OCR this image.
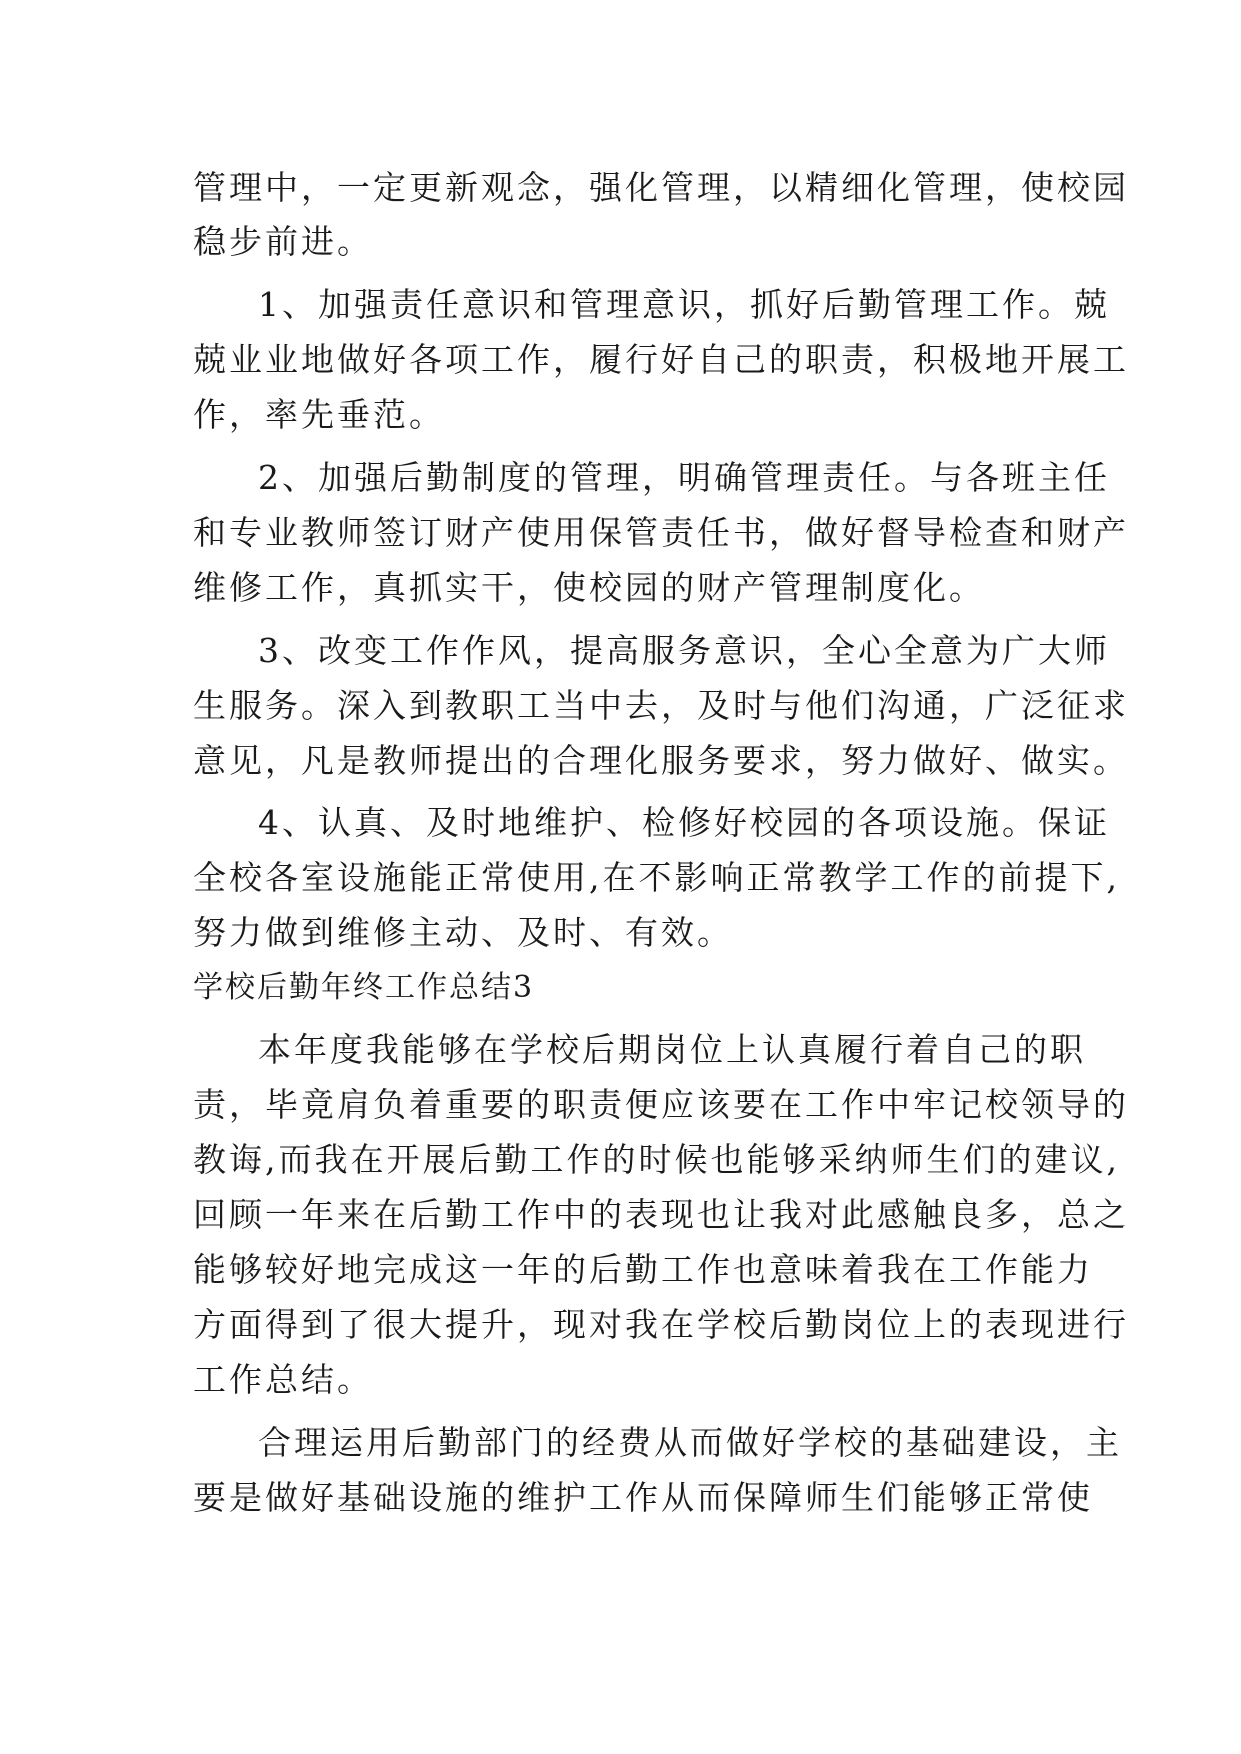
管理中，一定更新观念，强化管理，以精细化管理，使校园
稳步前进。
1、加强责任意识和管理意识，抓好后勤管理工作。兢
兢业业地做好各项工作，履行好自己的职责，积极地开展工
作，率先垂范。
2、加强后勤制度的管理，明确管理责任。与各班主任
和专业教师签订财产使用保管责任书，做好督导检查和财产
维修工作，真抓实干，使校园的财产管理制度化。
3、改变工作作风，提高服务意识，全心全意为广大师
生服务。深入到教职工当中去，及时与他们沟通，广泛征求
意见，凡是教师提出的合理化服务要求，努力做好、做实。
4、认真、及时地维护、检修好校园的各项设施。保证
全校各室设施能正常使用,在不影响正常教学工作的前提下,
努力做到维修主动、及时、有效。
学校后勤年终工作总结3
本年度我能够在学校后期岗位上认真履行着自己的职
责，毕竟肩负着重要的职责便应该要在工作中牢记校领导的
教诲,而我在开展后勤工作的时候也能够采纳师生们的建议,
回顾一年来在后勤工作中的表现也让我对此感触良多，总之
能够较好地完成这一年的后勤工作也意味着我在工作能力
方面得到了很大提升，现对我在学校后勤岗位上的表现进行
工作总结。
合理运用后勤部门的经费从而做好学校的基础建设，主
要是做好基础设施的维护工作从而保障师生们能够正常使
